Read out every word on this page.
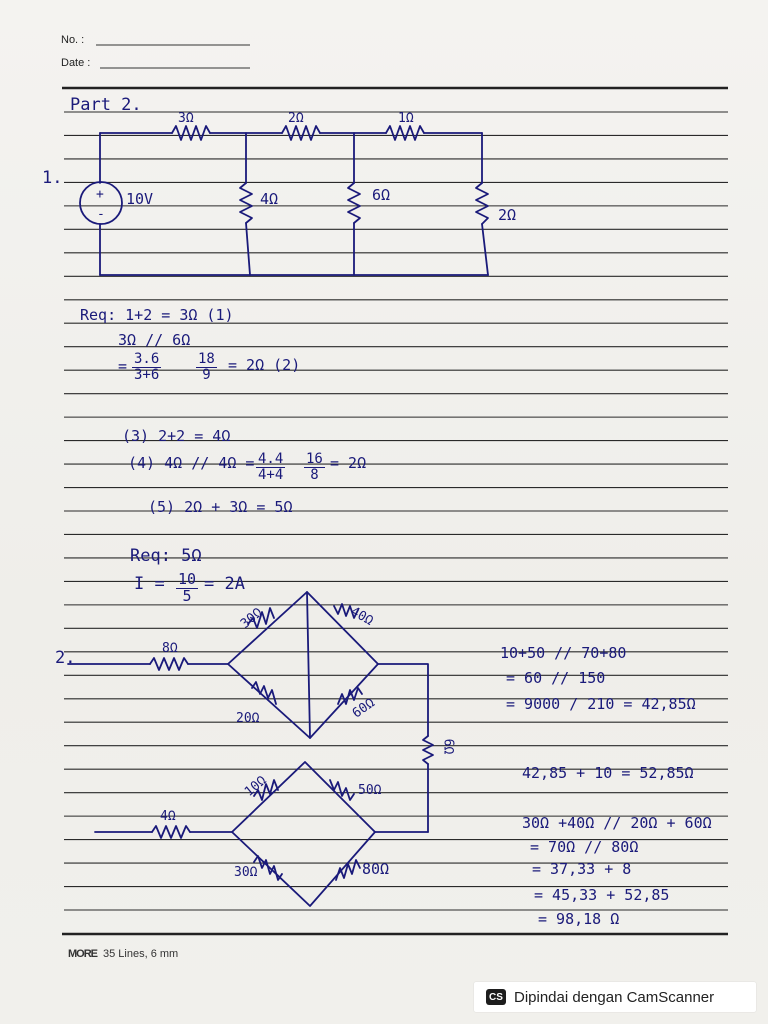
No. :
Date :
Part 2.
1.
+
-
10V
3Ω	2Ω	1Ω
4Ω	6Ω
2Ω
Req: 1+2 = 3Ω (1)
3Ω // 6Ω
= $\frac{3.6}{3+6} \frac{18}{9} = 2\Omega$ (2)
(3) 2+2 = 4Ω
(4) $4\Omega // 4\Omega = \frac{4.4}{4+4} \frac{16}{8} = 2\Omega$
(5) 2Ω + 3Ω = 5Ω
Req: 5Ω
$I = \frac{10}{5} = 2A$
2.	8Ω
30Ω	40Ω
20Ω	60Ω
6Ω
4Ω
10Ω	50Ω
30Ω	80Ω
10+50 // 70+80
= 60 // 150
= 9000 / 210 = 42,85Ω
42,85 + 10 = 52,85Ω
30Ω +40Ω // 20Ω + 60Ω
= 70Ω // 80Ω
= 37,33 + 8
= 45,33 + 52,85
= 98,18 Ω
MORE 35 Lines, 6 mm
CS Dipindai dengan CamScanner
